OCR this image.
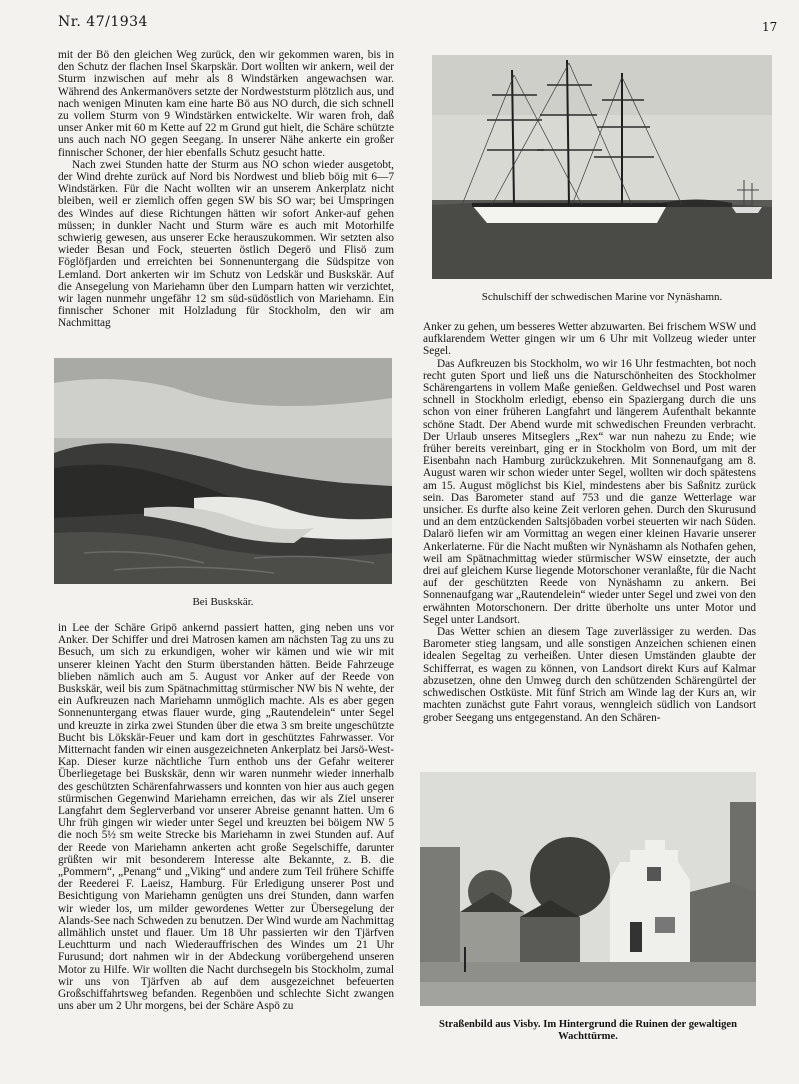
Nr. 47/1934	17
Schulschiff der schwedischen Marine vor Nynäshamn.
Bei Buskskär.
Straßenbild aus Visby. Im Hintergrund die Ruinen der gewaltigen Wachttürme.

mit der Bö den gleichen Weg zurück, den wir gekommen waren, bis in den Schutz der flachen Insel Skarpskär. Dort wollten wir ankern, weil der Sturm inzwischen auf mehr als 8 Windstärken angewachsen war. Während des Ankermanövers setzte der Nordweststurm plötzlich aus, und nach wenigen Minuten kam eine harte Bö aus NO durch, die sich schnell zu vollem Sturm von 9 Windstärken entwickelte. Wir waren froh, daß unser Anker mit 60 m Kette auf 22 m Grund gut hielt, die Schäre schützte uns auch nach NO gegen Seegang. In unserer Nähe ankerte ein großer finnischer Schoner, der hier ebenfalls Schutz gesucht hatte.

Nach zwei Stunden hatte der Sturm aus NO schon wieder ausgetobt, der Wind drehte zurück auf Nord bis Nordwest und blieb böig mit 6—7 Windstärken. Für die Nacht wollten wir an unserem Ankerplatz nicht bleiben, weil er ziemlich offen gegen SW bis SO war; bei Umspringen des Windes auf diese Richtungen hätten wir sofort Anker-auf gehen müssen; in dunkler Nacht und Sturm wäre es auch mit Motorhilfe schwierig gewesen, aus unserer Ecke herauszukommen. Wir setzten also wieder Besan und Fock, steuerten östlich Degerö und Flisö zum Föglöfjarden und erreichten bei Sonnenuntergang die Südspitze von Lemland. Dort ankerten wir im Schutz von Ledskär und Buskskär. Auf die Ansegelung von Mariehamn über den Lumparn hatten wir verzichtet, wir lagen nunmehr ungefähr 12 sm süd-südöstlich von Mariehamn. Ein finnischer Schoner mit Holzladung für Stockholm, den wir am Nachmittag

in Lee der Schäre Gripö ankernd passiert hatten, ging neben uns vor Anker. Der Schiffer und drei Matrosen kamen am nächsten Tag zu uns zu Besuch, um sich zu erkundigen, woher wir kämen und wie wir mit unserer kleinen Yacht den Sturm überstanden hätten. Beide Fahrzeuge blieben nämlich auch am 5. August vor Anker auf der Reede von Buskskär, weil bis zum Spätnachmittag stürmischer NW bis N wehte, der ein Aufkreuzen nach Mariehamn unmöglich machte. Als es aber gegen Sonnenuntergang etwas flauer wurde, ging „Rautendelein“ unter Segel und kreuzte in zirka zwei Stunden über die etwa 3 sm breite ungeschützte Bucht bis Lökskär-Feuer und kam dort in geschütztes Fahrwasser. Vor Mitternacht fanden wir einen ausgezeichneten Ankerplatz bei Jarsö-West-Kap. Dieser kurze nächtliche Turn enthob uns der Gefahr weiterer Überliegetage bei Buskskär, denn wir waren nunmehr wieder innerhalb des geschützten Schärenfahrwassers und konnten von hier aus auch gegen stürmischen Gegenwind Mariehamn erreichen, das wir als Ziel unserer Langfahrt dem Seglerverband vor unserer Abreise genannt hatten. Um 6 Uhr früh gingen wir wieder unter Segel und kreuzten bei böigem NW 5 die noch 5½ sm weite Strecke bis Mariehamn in zwei Stunden auf. Auf der Reede von Mariehamn ankerten acht große Segelschiffe, darunter grüßten wir mit besonderem Interesse alte Bekannte, z. B. die „Pommern“, „Penang“ und „Viking“ und andere zum Teil frühere Schiffe der Reederei F. Laeisz, Hamburg. Für Erledigung unserer Post und Besichtigung von Mariehamn genügten uns drei Stunden, dann warfen wir wieder los, um milder gewordenes Wetter zur Übersegelung der Alands-See nach Schweden zu benutzen. Der Wind wurde am Nachmittag allmählich unstet und flauer. Um 18 Uhr passierten wir den Tjärfven Leuchtturm und nach Wiederauffrischen des Windes um 21 Uhr Furusund; dort nahmen wir in der Abdeckung vorübergehend unseren Motor zu Hilfe. Wir wollten die Nacht durchsegeln bis Stockholm, zumal wir uns von Tjärfven ab auf dem ausgezeichnet befeuerten Großschiffahrtsweg befanden. Regenböen und schlechte Sicht zwangen uns aber um 2 Uhr morgens, bei der Schäre Aspö zu

Anker zu gehen, um besseres Wetter abzuwarten. Bei frischem WSW und aufklarendem Wetter gingen wir um 6 Uhr mit Vollzeug wieder unter Segel.

Das Aufkreuzen bis Stockholm, wo wir 16 Uhr festmachten, bot noch recht guten Sport und ließ uns die Naturschönheiten des Stockholmer Schärengartens in vollem Maße genießen. Geldwechsel und Post waren schnell in Stockholm erledigt, ebenso ein Spaziergang durch die uns schon von einer früheren Langfahrt und längerem Aufenthalt bekannte schöne Stadt. Der Abend wurde mit schwedischen Freunden verbracht. Der Urlaub unseres Mitseglers „Rex“ war nun nahezu zu Ende; wie früher bereits vereinbart, ging er in Stockholm von Bord, um mit der Eisenbahn nach Hamburg zurückzukehren. Mit Sonnenaufgang am 8. August waren wir schon wieder unter Segel, wollten wir doch spätestens am 15. August möglichst bis Kiel, mindestens aber bis Saßnitz zurück sein. Das Barometer stand auf 753 und die ganze Wetterlage war unsicher. Es durfte also keine Zeit verloren gehen. Durch den Skurusund und an dem entzückenden Saltsjöbaden vorbei steuerten wir nach Süden. Dalarö liefen wir am Vormittag an wegen einer kleinen Havarie unserer Ankerlaterne. Für die Nacht mußten wir Nynäshamn als Nothafen gehen, weil am Spätnachmittag wieder stürmischer WSW einsetzte, der auch drei auf gleichem Kurse liegende Motorschoner veranlaßte, für die Nacht auf der geschützten Reede von Nynäshamn zu ankern. Bei Sonnenaufgang war „Rautendelein“ wieder unter Segel und zwei von den erwähnten Motorschonern. Der dritte überholte uns unter Motor und Segel unter Landsort.

Das Wetter schien an diesem Tage zuverlässiger zu werden. Das Barometer stieg langsam, und alle sonstigen Anzeichen schienen einen idealen Segeltag zu verheißen. Unter diesen Umständen glaubte der Schifferrat, es wagen zu können, von Landsort direkt Kurs auf Kalmar abzusetzen, ohne den Umweg durch den schützenden Schärengürtel der schwedischen Ostküste. Mit fünf Strich am Winde lag der Kurs an, wir machten zunächst gute Fahrt voraus, wennglеich südlich von Landsort grober Seegang uns entgegenstand. An den Schären-
